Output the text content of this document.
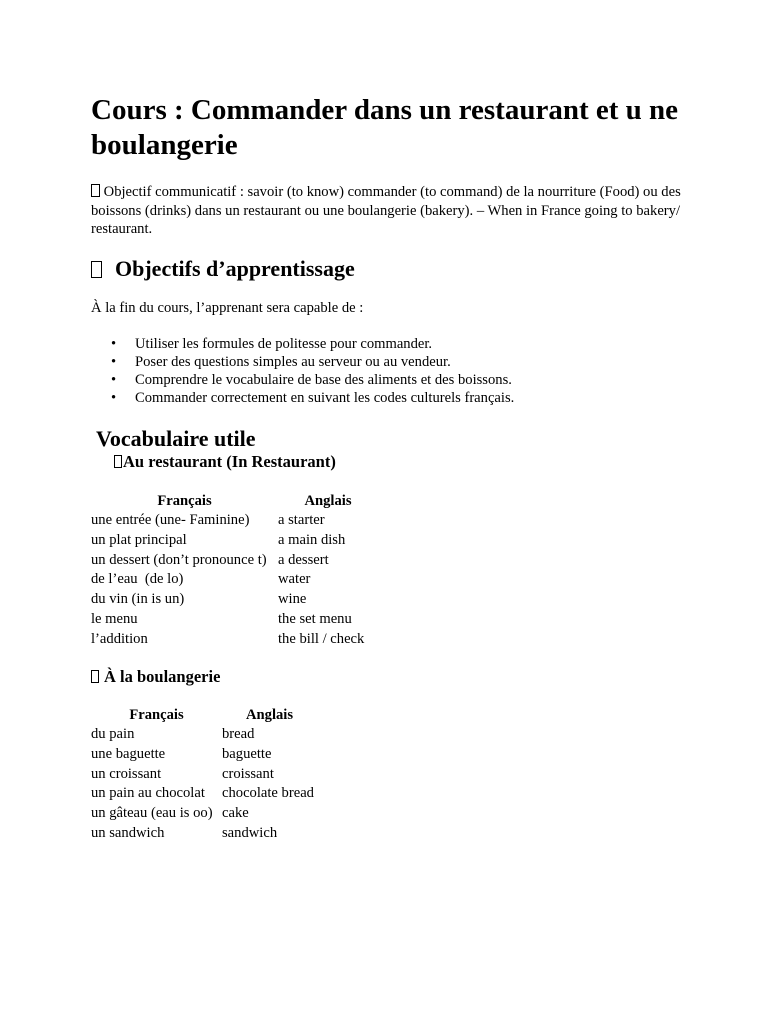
Cours : Commander dans un restaurant et u ne boulangerie

Objectif communicatif : savoir (to know) commander (to command) de la nourriture (Food) ou des boissons (drinks) dans un restaurant ou une boulangerie (bakery). – When in France going to bakery/ restaurant.

Objectifs d’apprentissage

À la fin du cours, l’apprenant sera capable de :

• Utiliser les formules de politesse pour commander.
• Poser des questions simples au serveur ou au vendeur.
• Comprendre le vocabulaire de base des aliments et des boissons.
• Commander correctement en suivant les codes culturels français.
Vocabulaire utile
Au restaurant (In Restaurant)
Français	Anglais
une entrée (une- Faminine)	a starter
un plat principal	a main dish
un dessert (don’t pronounce t)	a dessert
de l’eau  (de lo)	water
du vin (in is un)	wine
le menu	the set menu
l’addition	the bill / check
À la boulangerie
Français	Anglais
du pain	bread
une baguette	baguette
un croissant	croissant
un pain au chocolat	chocolate bread
un gâteau (eau is oo)	cake
un sandwich	sandwich
